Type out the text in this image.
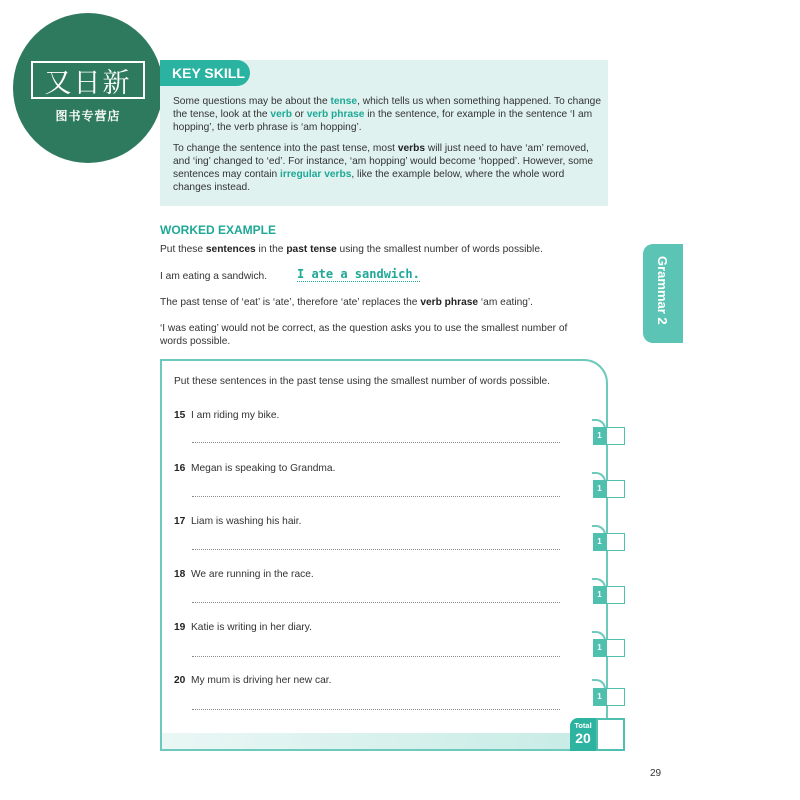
又日新
图书专营店
KEY SKILL

Some questions may be about the tense, which tells us when something happened. To change the tense, look at the verb or verb phrase in the sentence, for example in the sentence ‘I am hopping’, the verb phrase is ‘am hopping’.

To change the sentence into the past tense, most verbs will just need to have ‘am’ removed, and ‘ing’ changed to ‘ed’. For instance, ‘am hopping’ would become ‘hopped’. However, some sentences may contain irregular verbs, like the example below, where the whole word changes instead.

WORKED EXAMPLE
Put these sentences in the past tense using the smallest number of words possible.
I am eating a sandwich.	I ate a sandwich.
The past tense of ‘eat’ is ‘ate’, therefore ‘ate’ replaces the verb phrase ‘am eating’.
‘I was eating’ would not be correct, as the question asks you to use the smallest number of words possible.
Grammar 2
Put these sentences in the past tense using the smallest number of words possible.
15 I am riding my bike.
1
16 Megan is speaking to Grandma.
1
17 Liam is washing his hair.
1
18 We are running in the race.
1
19 Katie is writing in her diary.
1
20 My mum is driving her new car.
1
Total
20
29
